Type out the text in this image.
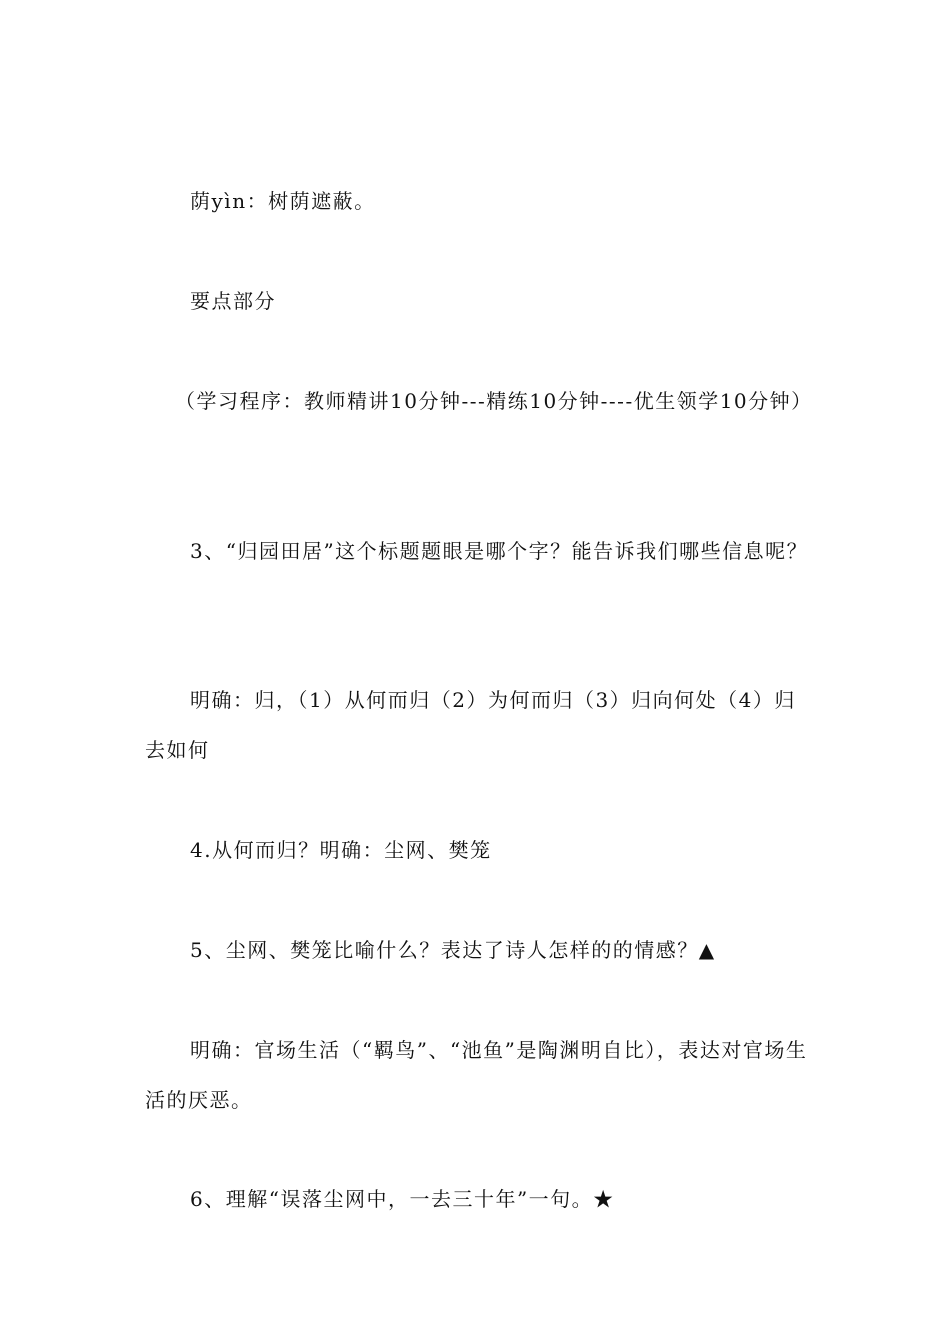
荫yìn：树荫遮蔽。

要点部分

（学习程序：教师精讲10分钟---精练10分钟----优生领学10分钟）

3、“归园田居”这个标题题眼是哪个字？能告诉我们哪些信息呢？

明确：归，（1）从何而归（2）为何而归（3）归向何处（4）归去如何

4.从何而归？明确：尘网、樊笼

5、尘网、樊笼比喻什么？表达了诗人怎样的的情感？▲

明确：官场生活（“羁鸟”、“池鱼”是陶渊明自比），表达对官场生活的厌恶。

6、理解“误落尘网中，一去三十年”一句。★
